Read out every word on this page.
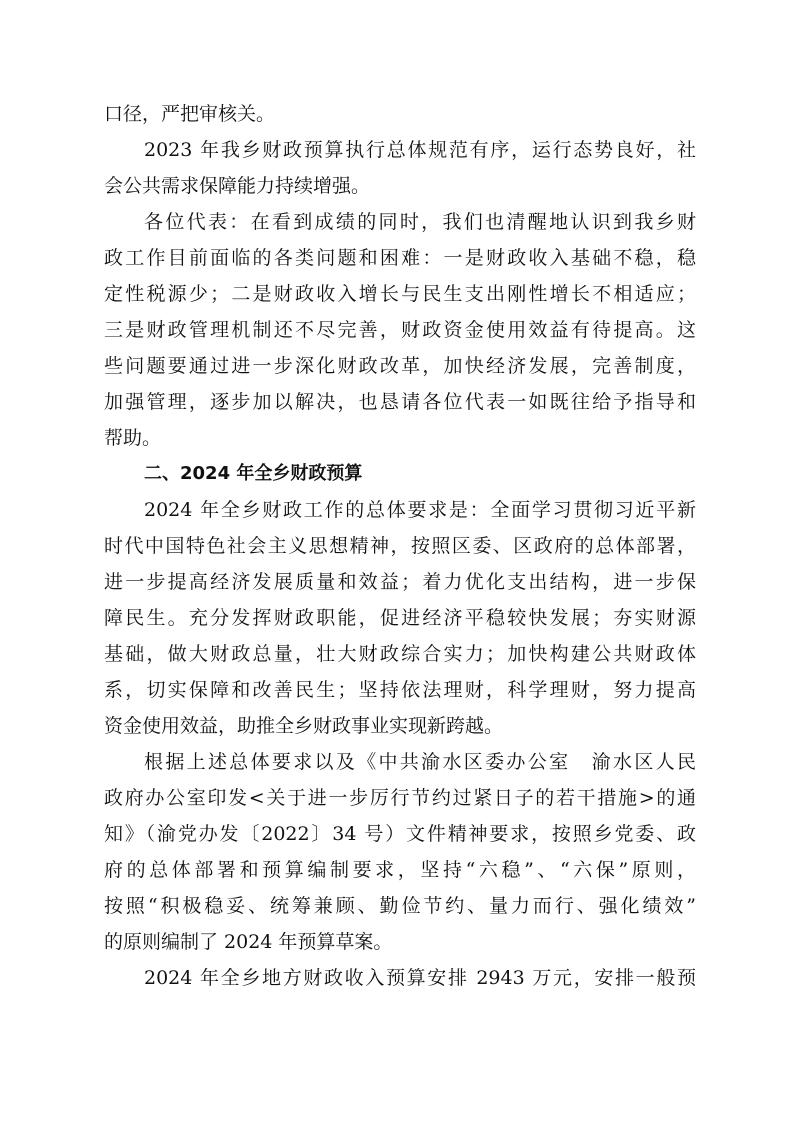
口径，严把审核关。
2023 年我乡财政预算执行总体规范有序，运行态势良好，社
会公共需求保障能力持续增强。
各位代表：在看到成绩的同时，我们也清醒地认识到我乡财
政工作目前面临的各类问题和困难：一是财政收入基础不稳，稳
定性税源少；二是财政收入增长与民生支出刚性增长不相适应；
三是财政管理机制还不尽完善，财政资金使用效益有待提高。这
些问题要通过进一步深化财政改革，加快经济发展，完善制度，
加强管理，逐步加以解决，也恳请各位代表一如既往给予指导和
帮助。
二、2024 年全乡财政预算
2024 年全乡财政工作的总体要求是：全面学习贯彻习近平新
时代中国特色社会主义思想精神，按照区委、区政府的总体部署，
进一步提高经济发展质量和效益；着力优化支出结构，进一步保
障民生。充分发挥财政职能，促进经济平稳较快发展；夯实财源
基础，做大财政总量，壮大财政综合实力；加快构建公共财政体
系，切实保障和改善民生；坚持依法理财，科学理财，努力提高
资金使用效益，助推全乡财政事业实现新跨越。
根据上述总体要求以及《中共渝水区委办公室　渝水区人民
政府办公室印发<关于进一步厉行节约过紧日子的若干措施>的通
知》（渝党办发〔2022〕34 号）文件精神要求，按照乡党委、政
府的总体部署和预算编制要求，坚持“六稳”、“六保”原则，
按照“积极稳妥、统筹兼顾、勤俭节约、量力而行、强化绩效”
的原则编制了 2024 年预算草案。
2024 年全乡地方财政收入预算安排 2943 万元，安排一般预
